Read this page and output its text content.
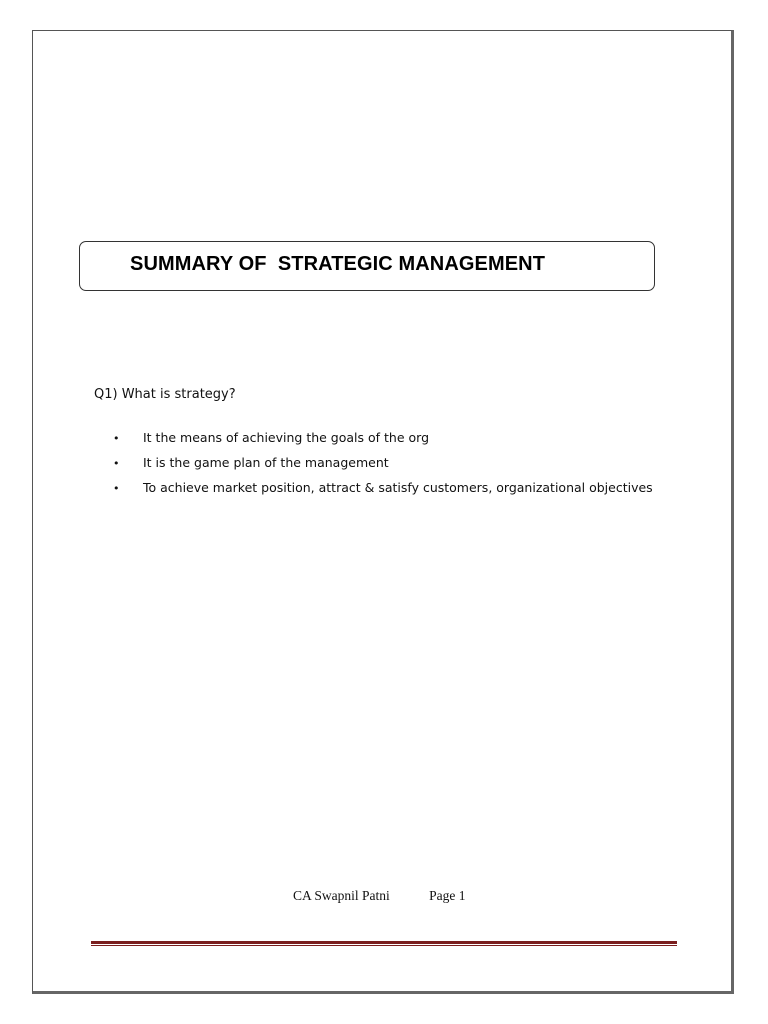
SUMMARY OF  STRATEGIC MANAGEMENT
Q1) What is strategy?
• It the means of achieving the goals of the org
• It is the game plan of the management
• To achieve market position, attract & satisfy customers, organizational objectives
CA Swapnil Patni	Page 1
